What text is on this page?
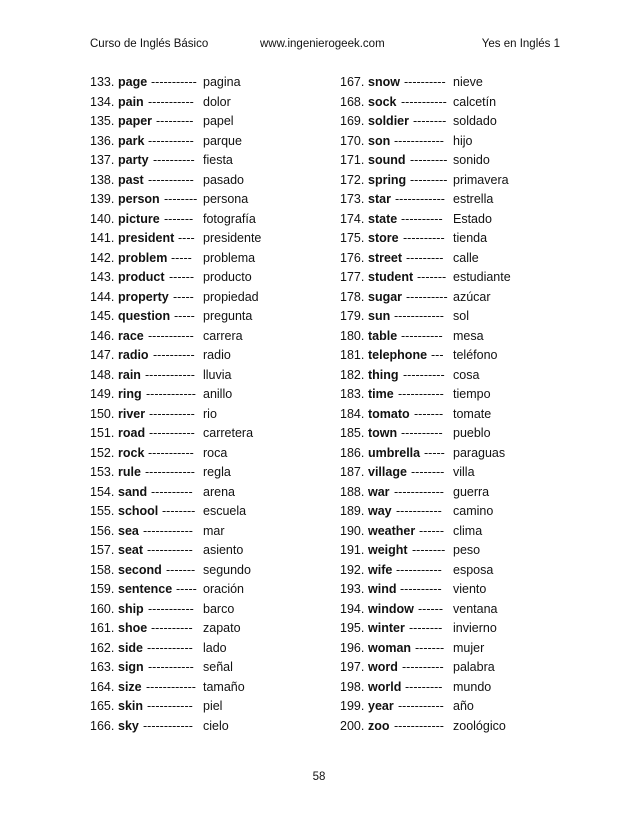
Curso de Inglés Básico	www.ingenierogeek.com	Yes en Inglés 1
133. page ----------- pagina
134. pain ----------- dolor
135. paper --------- papel
136. park ----------- parque
137. party ---------- fiesta
138. past ----------- pasado
139. person -------- persona
140. picture ------- fotografía
141. president ---- presidente
142. problem ----- problema
143. product ------ producto
144. property ----- propiedad
145. question ----- pregunta
146. race ----------- carrera
147. radio ---------- radio
148. rain ------------ lluvia
149. ring ------------ anillo
150. river ----------- rio
151. road ----------- carretera
152. rock ----------- roca
153. rule ------------ regla
154. sand ---------- arena
155. school -------- escuela
156. sea ------------ mar
157. seat ----------- asiento
158. second ------- segundo
159. sentence ----- oración
160. ship ----------- barco
161. shoe ---------- zapato
162. side ----------- lado
163. sign ----------- señal
164. size ------------ tamaño
165. skin ----------- piel
166. sky ------------ cielo
167. snow ---------- nieve
168. sock ----------- calcetín
169. soldier -------- soldado
170. son ------------ hijo
171. sound --------- sonido
172. spring --------- primavera
173. star ------------ estrella
174. state ---------- Estado
175. store ---------- tienda
176. street --------- calle
177. student ------- estudiante
178. sugar ---------- azúcar
179. sun ------------ sol
180. table ---------- mesa
181. telephone --- teléfono
182. thing ---------- cosa
183. time ----------- tiempo
184. tomato ------- tomate
185. town ---------- pueblo
186. umbrella ----- paraguas
187. village -------- villa
188. war ------------ guerra
189. way ----------- camino
190. weather ------ clima
191. weight -------- peso
192. wife ----------- esposa
193. wind ---------- viento
194. window ------ ventana
195. winter -------- invierno
196. woman ------- mujer
197. word ---------- palabra
198. world --------- mundo
199. year ----------- año
200. zoo ------------ zoológico
58
